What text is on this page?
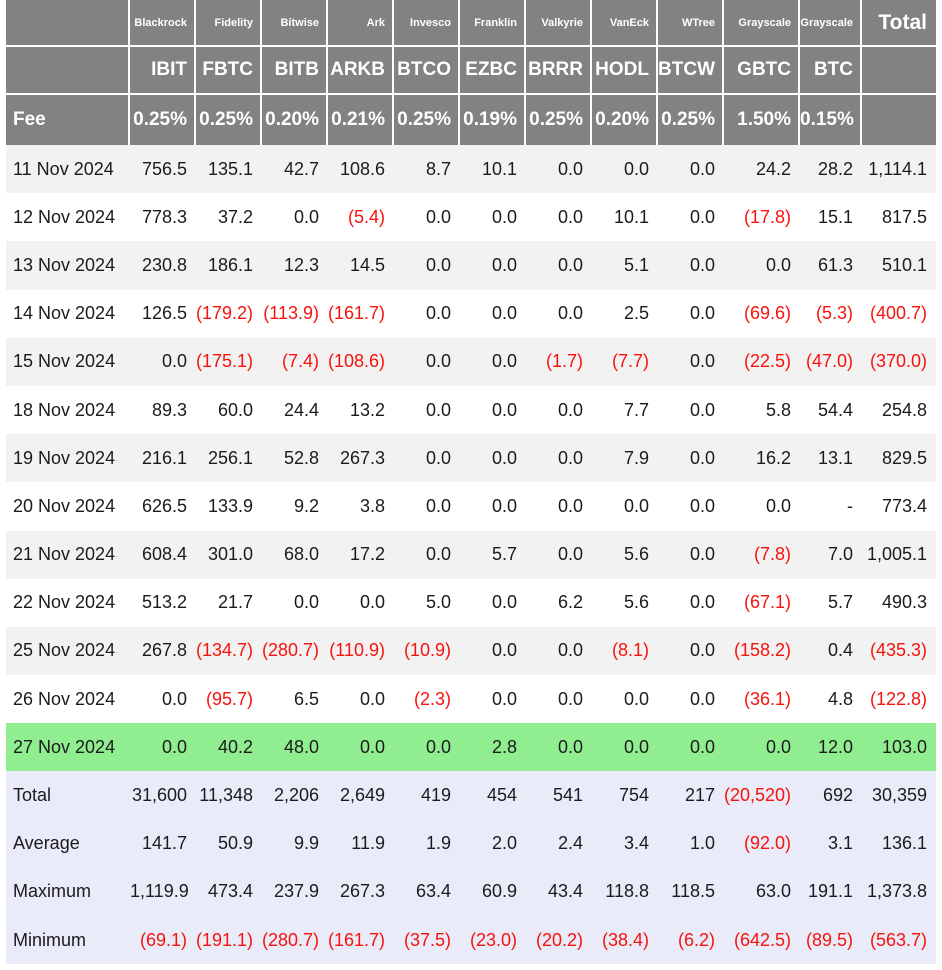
	Blackrock	Fidelity	Bitwise	Ark	Invesco	Franklin	Valkyrie	VanEck	WTree	Grayscale	Grayscale	Total
	IBIT	FBTC	BITB	ARKB	BTCO	EZBC	BRRR	HODL	BTCW	GBTC	BTC	
Fee	0.25%	0.25%	0.20%	0.21%	0.25%	0.19%	0.25%	0.20%	0.25%	1.50%	0.15%	
11 Nov 2024	756.5	135.1	42.7	108.6	8.7	10.1	0.0	0.0	0.0	24.2	28.2	1,114.1
12 Nov 2024	778.3	37.2	0.0	(5.4)	0.0	0.0	0.0	10.1	0.0	(17.8)	15.1	817.5
13 Nov 2024	230.8	186.1	12.3	14.5	0.0	0.0	0.0	5.1	0.0	0.0	61.3	510.1
14 Nov 2024	126.5	(179.2)	(113.9)	(161.7)	0.0	0.0	0.0	2.5	0.0	(69.6)	(5.3)	(400.7)
15 Nov 2024	0.0	(175.1)	(7.4)	(108.6)	0.0	0.0	(1.7)	(7.7)	0.0	(22.5)	(47.0)	(370.0)
18 Nov 2024	89.3	60.0	24.4	13.2	0.0	0.0	0.0	7.7	0.0	5.8	54.4	254.8
19 Nov 2024	216.1	256.1	52.8	267.3	0.0	0.0	0.0	7.9	0.0	16.2	13.1	829.5
20 Nov 2024	626.5	133.9	9.2	3.8	0.0	0.0	0.0	0.0	0.0	0.0	-	773.4
21 Nov 2024	608.4	301.0	68.0	17.2	0.0	5.7	0.0	5.6	0.0	(7.8)	7.0	1,005.1
22 Nov 2024	513.2	21.7	0.0	0.0	5.0	0.0	6.2	5.6	0.0	(67.1)	5.7	490.3
25 Nov 2024	267.8	(134.7)	(280.7)	(110.9)	(10.9)	0.0	0.0	(8.1)	0.0	(158.2)	0.4	(435.3)
26 Nov 2024	0.0	(95.7)	6.5	0.0	(2.3)	0.0	0.0	0.0	0.0	(36.1)	4.8	(122.8)
27 Nov 2024	0.0	40.2	48.0	0.0	0.0	2.8	0.0	0.0	0.0	0.0	12.0	103.0
Total	31,600	11,348	2,206	2,649	419	454	541	754	217	(20,520)	692	30,359
Average	141.7	50.9	9.9	11.9	1.9	2.0	2.4	3.4	1.0	(92.0)	3.1	136.1
Maximum	1,119.9	473.4	237.9	267.3	63.4	60.9	43.4	118.8	118.5	63.0	191.1	1,373.8
Minimum	(69.1)	(191.1)	(280.7)	(161.7)	(37.5)	(23.0)	(20.2)	(38.4)	(6.2)	(642.5)	(89.5)	(563.7)
